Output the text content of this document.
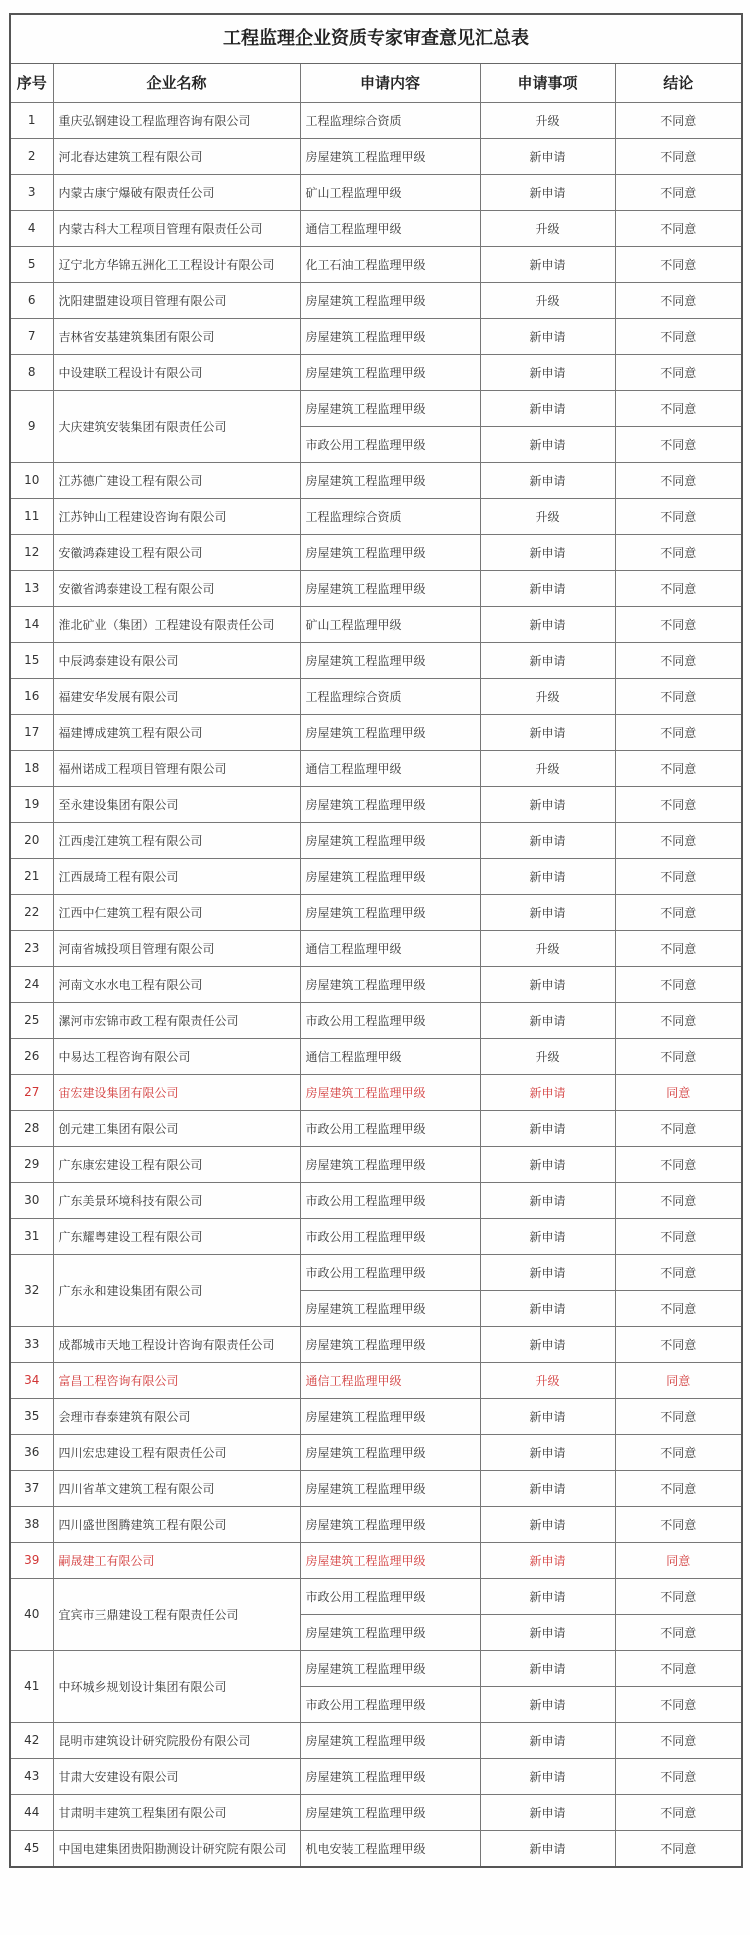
工程监理企业资质专家审查意见汇总表
序号	企业名称	申请内容	申请事项	结论
1	重庆弘钢建设工程监理咨询有限公司	工程监理综合资质	升级	不同意
2	河北春达建筑工程有限公司	房屋建筑工程监理甲级	新申请	不同意
3	内蒙古康宁爆破有限责任公司	矿山工程监理甲级	新申请	不同意
4	内蒙古科大工程项目管理有限责任公司	通信工程监理甲级	升级	不同意
5	辽宁北方华锦五洲化工工程设计有限公司	化工石油工程监理甲级	新申请	不同意
6	沈阳建盟建设项目管理有限公司	房屋建筑工程监理甲级	升级	不同意
7	吉林省安基建筑集团有限公司	房屋建筑工程监理甲级	新申请	不同意
8	中设建联工程设计有限公司	房屋建筑工程监理甲级	新申请	不同意
9	大庆建筑安装集团有限责任公司	房屋建筑工程监理甲级	新申请	不同意
		市政公用工程监理甲级	新申请	不同意
10	江苏德广建设工程有限公司	房屋建筑工程监理甲级	新申请	不同意
11	江苏钟山工程建设咨询有限公司	工程监理综合资质	升级	不同意
12	安徽鸿森建设工程有限公司	房屋建筑工程监理甲级	新申请	不同意
13	安徽省鸿泰建设工程有限公司	房屋建筑工程监理甲级	新申请	不同意
14	淮北矿业（集团）工程建设有限责任公司	矿山工程监理甲级	新申请	不同意
15	中辰鸿泰建设有限公司	房屋建筑工程监理甲级	新申请	不同意
16	福建安华发展有限公司	工程监理综合资质	升级	不同意
17	福建博成建筑工程有限公司	房屋建筑工程监理甲级	新申请	不同意
18	福州诺成工程项目管理有限公司	通信工程监理甲级	升级	不同意
19	至永建设集团有限公司	房屋建筑工程监理甲级	新申请	不同意
20	江西虔江建筑工程有限公司	房屋建筑工程监理甲级	新申请	不同意
21	江西晟琦工程有限公司	房屋建筑工程监理甲级	新申请	不同意
22	江西中仁建筑工程有限公司	房屋建筑工程监理甲级	新申请	不同意
23	河南省城投项目管理有限公司	通信工程监理甲级	升级	不同意
24	河南文水水电工程有限公司	房屋建筑工程监理甲级	新申请	不同意
25	漯河市宏锦市政工程有限责任公司	市政公用工程监理甲级	新申请	不同意
26	中易达工程咨询有限公司	通信工程监理甲级	升级	不同意
27	宙宏建设集团有限公司	房屋建筑工程监理甲级	新申请	同意
28	创元建工集团有限公司	市政公用工程监理甲级	新申请	不同意
29	广东康宏建设工程有限公司	房屋建筑工程监理甲级	新申请	不同意
30	广东美景环境科技有限公司	市政公用工程监理甲级	新申请	不同意
31	广东耀粤建设工程有限公司	市政公用工程监理甲级	新申请	不同意
32	广东永和建设集团有限公司	市政公用工程监理甲级	新申请	不同意
		房屋建筑工程监理甲级	新申请	不同意
33	成都城市天地工程设计咨询有限责任公司	房屋建筑工程监理甲级	新申请	不同意
34	富昌工程咨询有限公司	通信工程监理甲级	升级	同意
35	会理市春泰建筑有限公司	房屋建筑工程监理甲级	新申请	不同意
36	四川宏忠建设工程有限责任公司	房屋建筑工程监理甲级	新申请	不同意
37	四川省革文建筑工程有限公司	房屋建筑工程监理甲级	新申请	不同意
38	四川盛世图腾建筑工程有限公司	房屋建筑工程监理甲级	新申请	不同意
39	嗣晟建工有限公司	房屋建筑工程监理甲级	新申请	同意
40	宜宾市三鼎建设工程有限责任公司	市政公用工程监理甲级	新申请	不同意
		房屋建筑工程监理甲级	新申请	不同意
41	中环城乡规划设计集团有限公司	房屋建筑工程监理甲级	新申请	不同意
		市政公用工程监理甲级	新申请	不同意
42	昆明市建筑设计研究院股份有限公司	房屋建筑工程监理甲级	新申请	不同意
43	甘肃大安建设有限公司	房屋建筑工程监理甲级	新申请	不同意
44	甘肃明丰建筑工程集团有限公司	房屋建筑工程监理甲级	新申请	不同意
45	中国电建集团贵阳勘测设计研究院有限公司	机电安装工程监理甲级	新申请	不同意
